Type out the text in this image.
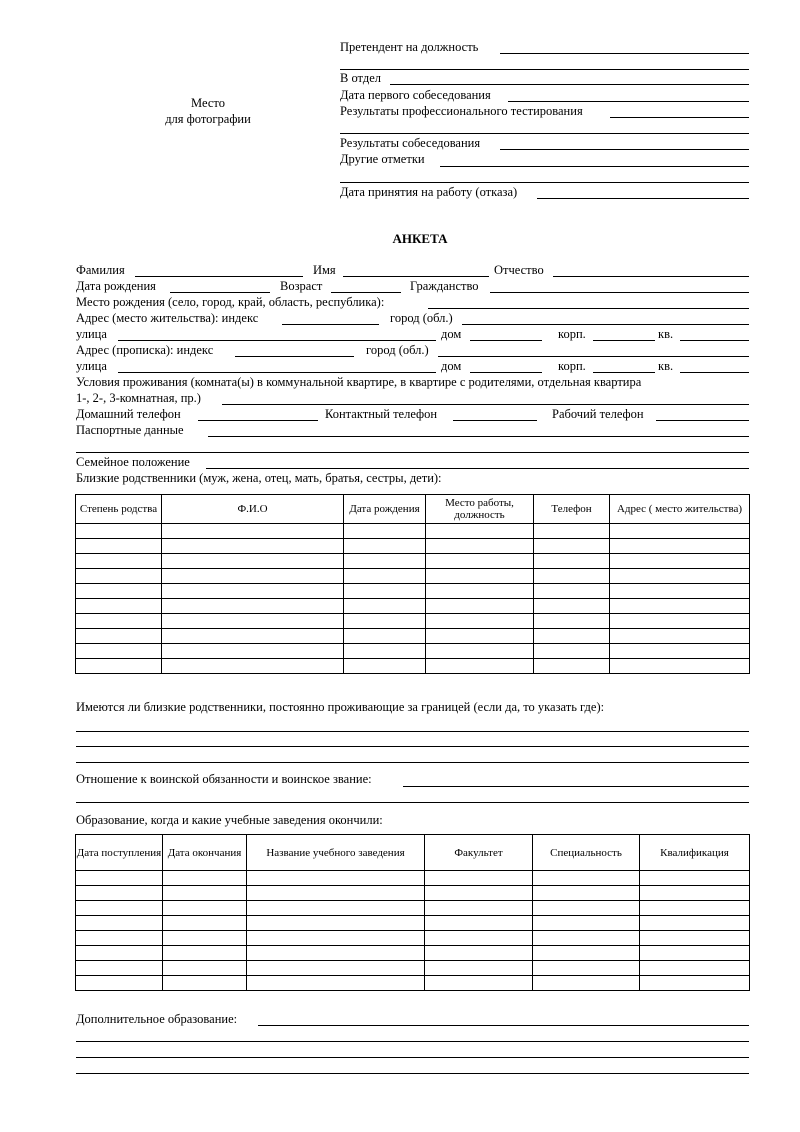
Место
для фотографии
Претендент на должность
В отдел
Дата первого собеседования
Результаты профессионального тестирования
Результаты собеседования
Другие отметки
Дата принятия на работу (отказа)
АНКЕТА
Фамилия	Имя	Отчество
Дата рождения	Возраст	Гражданство
Место рождения (село, город, край, область, республика):
Адрес (место жительства): индекс	город (обл.)
улица	дом	корп.	кв.
Адрес (прописка): индекс	город (обл.)
улица	дом	корп.	кв.
Условия проживания (комната(ы) в коммунальной квартире, в квартире с родителями, отдельная квартира
1-, 2-, 3-комнатная, пр.)
Домашний телефон	Контактный телефон	Рабочий телефон
Паспортные данные
Семейное положение
Близкие родственники (муж, жена, отец, мать, братья, сестры, дети):
Степень родства	Ф.И.О	Дата рождения	Место работы, должность	Телефон	Адрес ( место жительства)

Имеются ли близкие родственники, постоянно проживающие за границей (если да, то указать где):
Отношение к воинской обязанности и воинское звание:
Образование, когда и какие учебные заведения окончили:
Дата поступления	Дата окончания	Название учебного заведения	Факультет	Специальность	Квалификация

Дополнительное образование:
